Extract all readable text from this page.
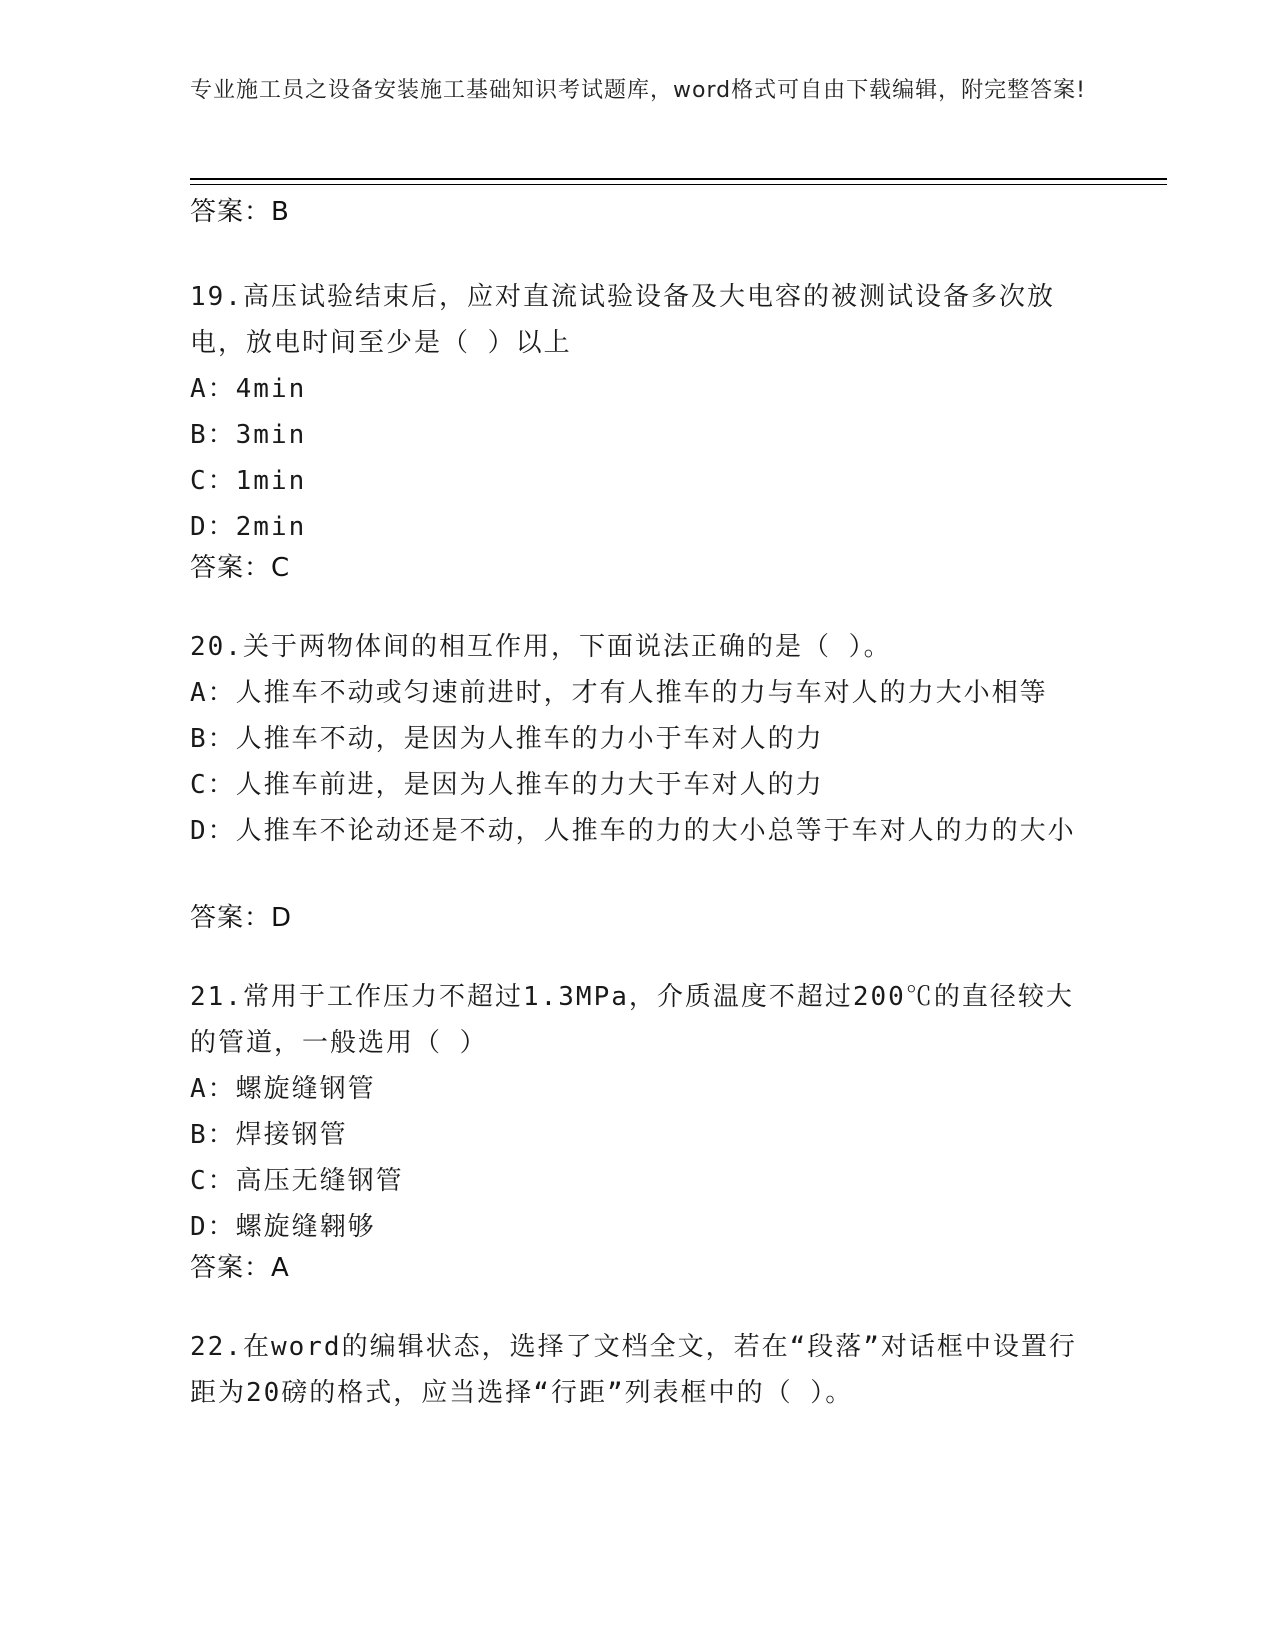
专业施工员之设备安装施工基础知识考试题库，word格式可自由下载编辑，附完整答案!
答案：B

19.高压试验结束后，应对直流试验设备及大电容的被测试设备多次放电，放电时间至少是（ ）以上

A：4min
B：3min
C：1min
D：2min
答案：C

20.关于两物体间的相互作用，下面说法正确的是（ ）。

A：人推车不动或匀速前进时，才有人推车的力与车对人的力大小相等
B：人推车不动，是因为人推车的力小于车对人的力
C：人推车前进，是因为人推车的力大于车对人的力
D：人推车不论动还是不动，人推车的力的大小总等于车对人的力的大小
答案：D

21.常用于工作压力不超过1.3MPa，介质温度不超过200℃的直径较大的管道，一般选用（ ）

A：螺旋缝钢管
B：焊接钢管
C：高压无缝钢管
D：螺旋缝翱够
答案：A

22.在word的编辑状态，选择了文档全文，若在“段落”对话框中设置行距为20磅的格式，应当选择“行距”列表框中的（ ）。
